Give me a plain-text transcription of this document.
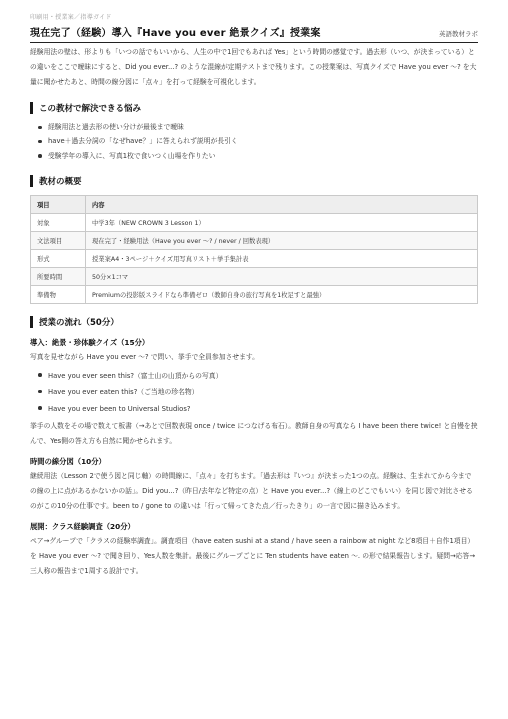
印刷用・授業案／指導ガイド
現在完了（経験）導入『Have you ever 絶景クイズ』授業案	英語教材ラボ

経験用法の壁は、形よりも「いつの話でもいいから、人生の中で1回でもあれば Yes」という時間の感覚です。過去形（いつ、が決まっている）との違いをここで曖昧にすると、Did you ever...? のような混線が定期テストまで残ります。この授業案は、写真クイズで Have you ever 〜? を大量に聞かせたあと、時間の線分図に「点々」を打って経験を可視化します。

この教材で解決できる悩み
経験用法と過去形の使い分けが最後まで曖昧
have＋過去分詞の「なぜhave？」に答えられず説明が長引く
受験学年の導入に、写真1枚で食いつく山場を作りたい
教材の概要
項目	内容
対象	中学3年（NEW CROWN 3 Lesson 1）
文法項目	現在完了・経験用法（Have you ever 〜? / never / 回数表現）
形式	授業案A4・3ページ＋クイズ用写真リスト＋挙手集計表
所要時間	50分×1コマ
準備物	Premiumの投影版スライドなら準備ゼロ（教師自身の旅行写真を1枚足すと最強）
授業の流れ（50分）
導入：絶景・珍体験クイズ（15分）

写真を見せながら Have you ever 〜? で問い、挙手で全員参加させます。

Have you ever seen this?（富士山の山頂からの写真）
Have you ever eaten this?（ご当地の珍名物）
Have you ever been to Universal Studios?

挙手の人数をその場で数えて板書（→あとで回数表現 once / twice につなげる布石）。教師自身の写真なら I have been there twice! と自慢を挟んで、Yes側の答え方も自然に聞かせられます。

時間の線分図（10分）

継続用法（Lesson 2で使う図と同じ軸）の時間線に、「点々」を打ちます。「過去形は『いつ』が決まった1つの点。経験は、生まれてから今までの線の上に点があるかないかの話」。Did you...?（昨日/去年など特定の点）と Have you ever...?（線上のどこでもいい）を同じ図で対比させるのがこの10分の仕事です。been to / gone to の違いは「行って帰ってきた点／行ったきり」の一言で図に描き込みます。

展開：クラス経験調査（20分）

ペア→グループで「クラスの経験率調査」。調査項目（have eaten sushi at a stand / have seen a rainbow at night など8項目＋自作1項目）を Have you ever 〜? で聞き回り、Yes人数を集計。最後にグループごとに Ten students have eaten 〜. の形で結果報告します。疑問→応答→三人称の報告まで1周する設計です。
